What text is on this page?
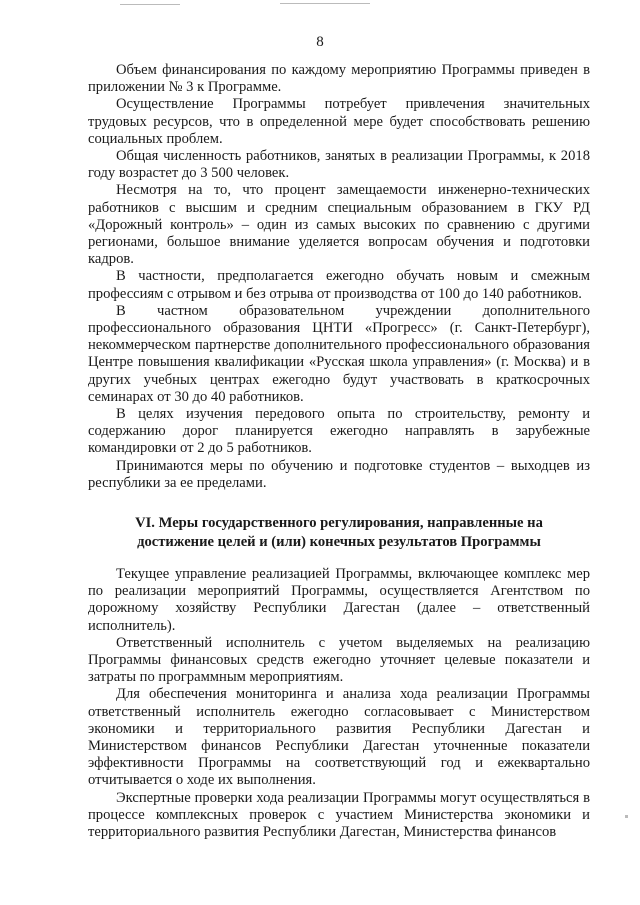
8

Объем финансирования по каждому мероприятию Программы приведен в приложении № 3 к Программе.

Осуществление Программы потребует привлечения значительных трудовых ресурсов, что в определенной мере будет способствовать решению социальных проблем.

Общая численность работников, занятых в реализации Программы, к 2018 году возрастет до 3 500 человек.

Несмотря на то, что процент замещаемости инженерно-технических работников с высшим и средним специальным образованием в ГКУ РД «Дорожный контроль» – один из самых высоких по сравнению с другими регионами, большое внимание уделяется вопросам обучения и подготовки кадров.

В частности, предполагается ежегодно обучать новым и смежным профессиям с отрывом и без отрыва от производства от 100 до 140 работников.

В частном образовательном учреждении дополнительного профессионального образования ЦНТИ «Прогресс» (г. Санкт-Петербург), некоммерческом партнерстве дополнительного профессионального образования Центре повышения квалификации «Русская школа управления» (г. Москва) и в других учебных центрах ежегодно будут участвовать в краткосрочных семинарах от 30 до 40 работников.

В целях изучения передового опыта по строительству, ремонту и содержанию дорог планируется ежегодно направлять в зарубежные командировки от 2 до 5 работников.

Принимаются меры по обучению и подготовке студентов – выходцев из республики за ее пределами.

VI. Меры государственного регулирования, направленные на
достижение целей и (или) конечных результатов Программы

Текущее управление реализацией Программы, включающее комплекс мер по реализации мероприятий Программы, осуществляется Агентством по дорожному хозяйству Республики Дагестан (далее – ответственный исполнитель).

Ответственный исполнитель с учетом выделяемых на реализацию Программы финансовых средств ежегодно уточняет целевые показатели и затраты по программным мероприятиям.

Для обеспечения мониторинга и анализа хода реализации Программы ответственный исполнитель ежегодно согласовывает с Министерством экономики и территориального развития Республики Дагестан и Министерством финансов Республики Дагестан уточненные показатели эффективности Программы на соответствующий год и ежеквартально отчитывается о ходе их выполнения.

Экспертные проверки хода реализации Программы могут осуществляться в процессе комплексных проверок с участием Министерства экономики и территориального развития Республики Дагестан, Министерства финансов
